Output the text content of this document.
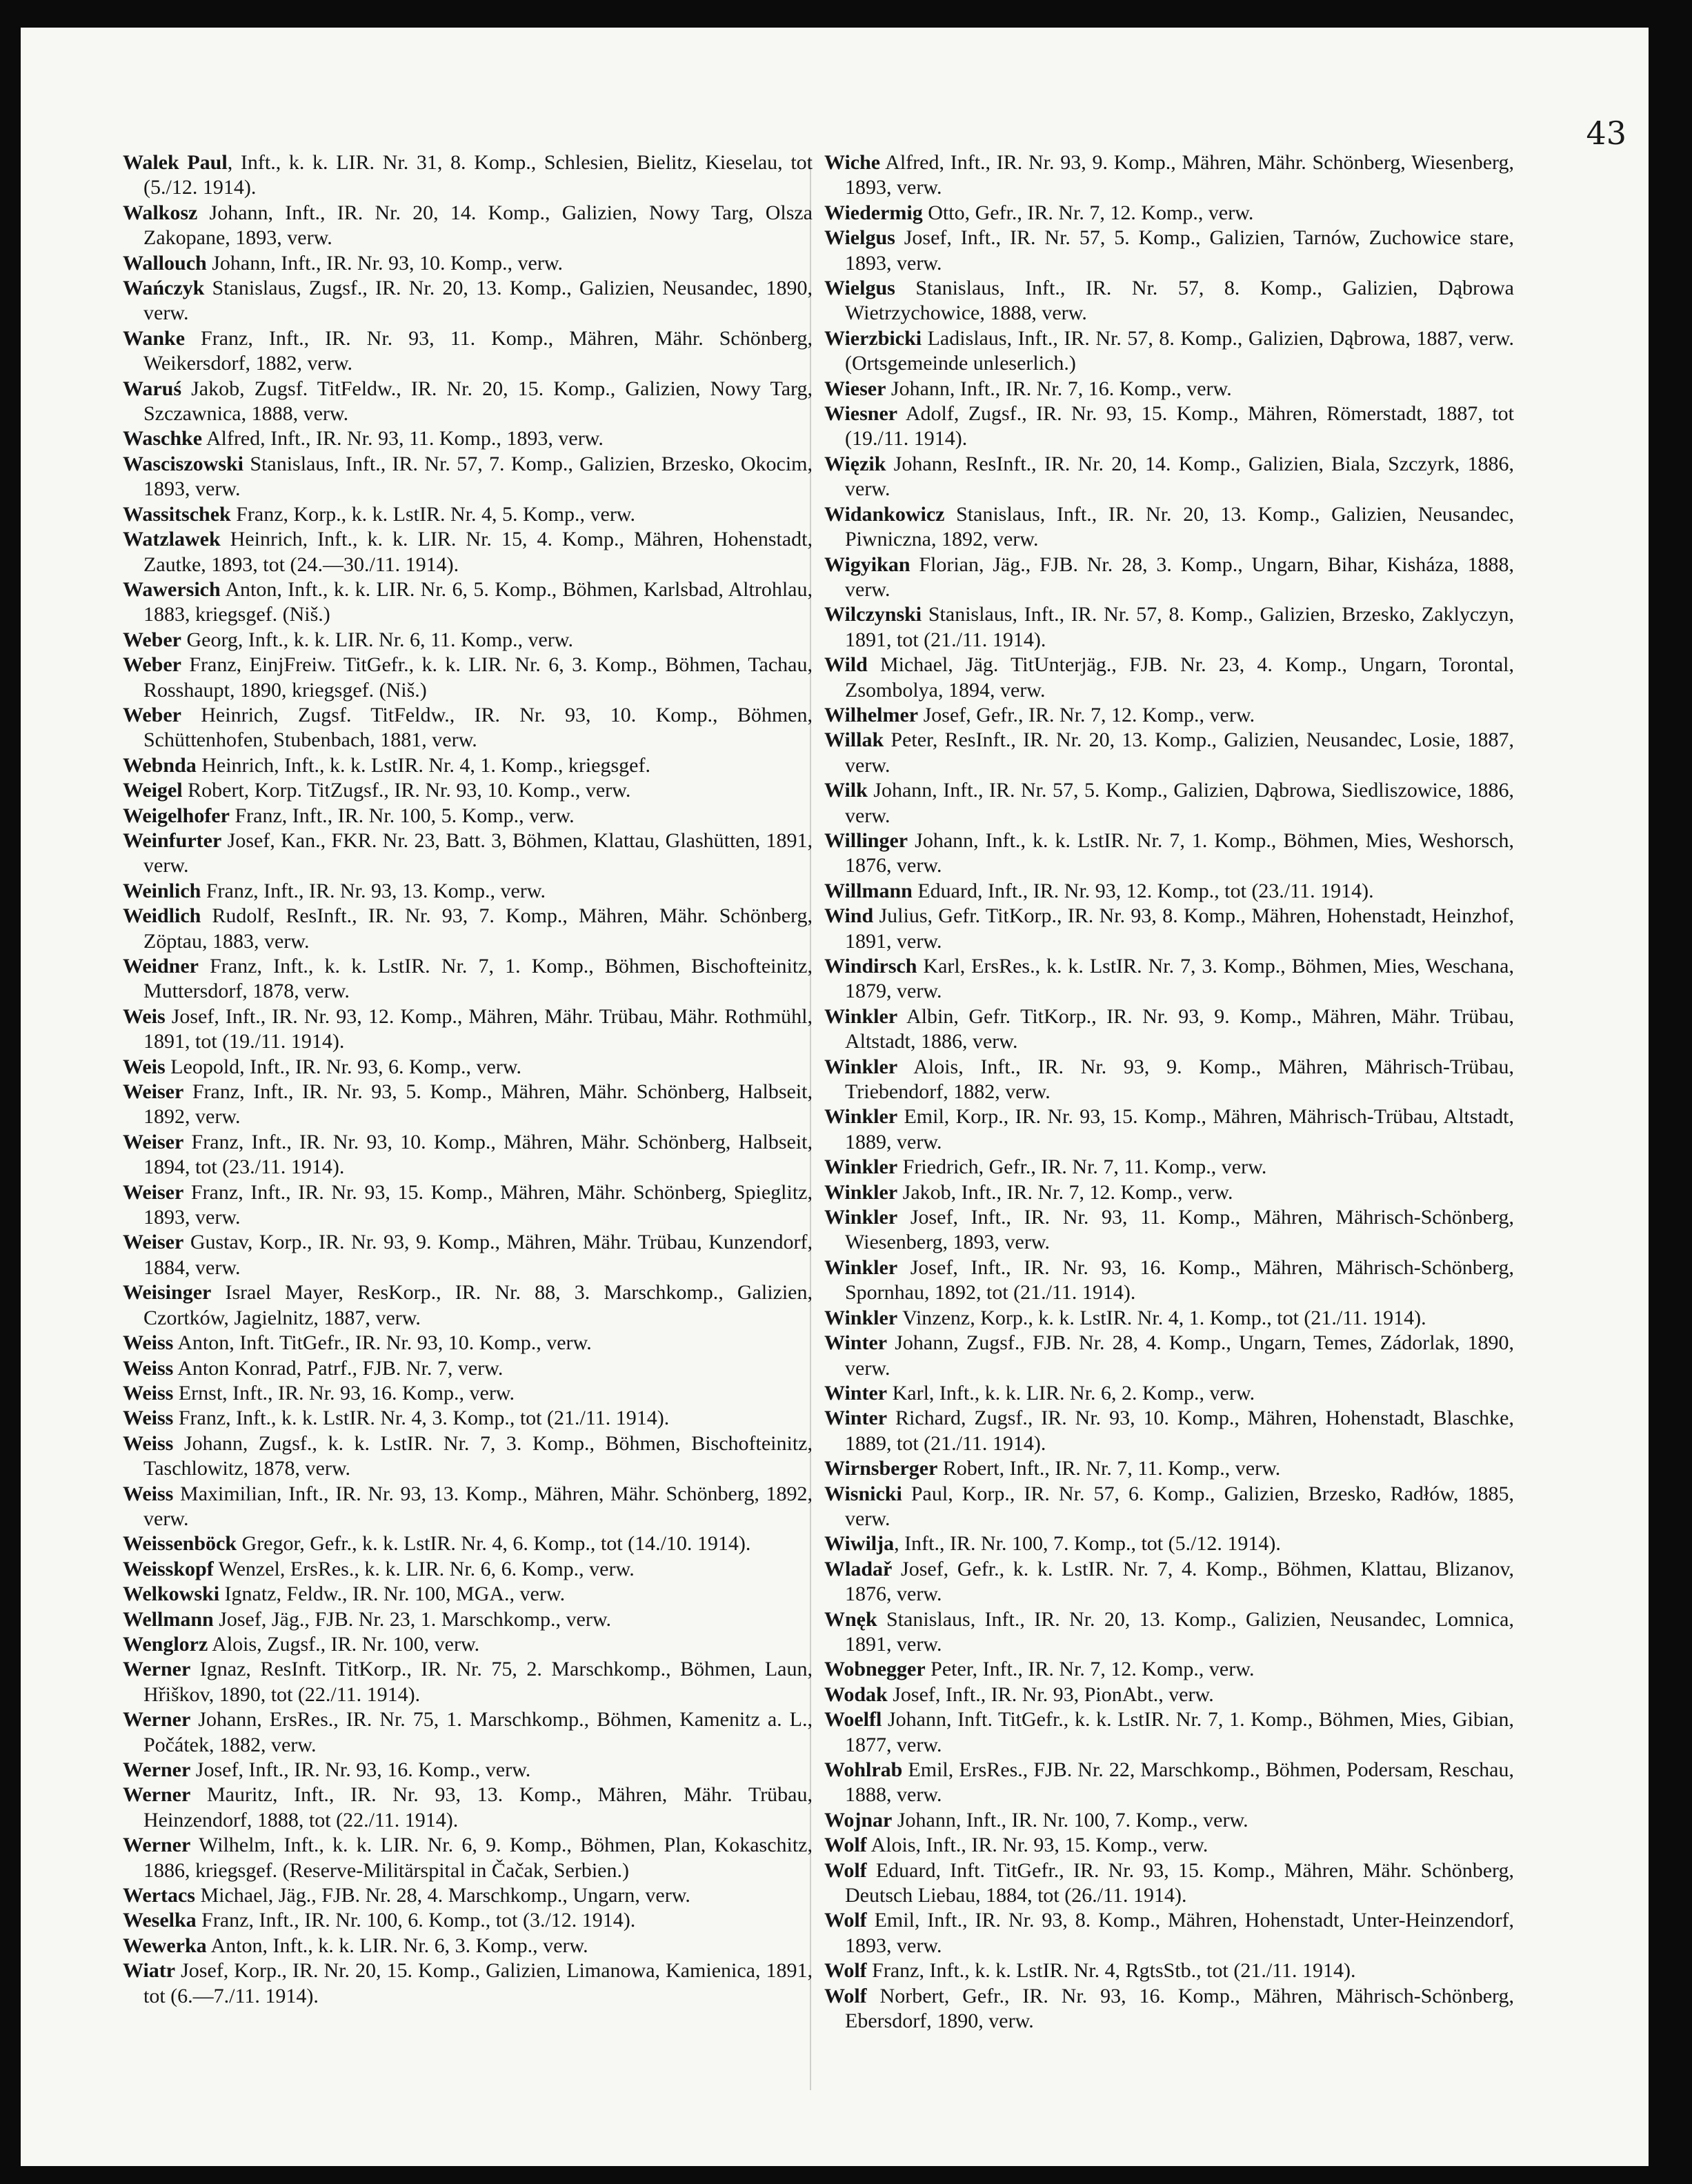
43

Walek Paul, Inft., k. k. LIR. Nr. 31, 8. Komp., Schlesien, Bielitz, Kieselau, tot (5./12. 1914).

Walkosz Johann, Inft., IR. Nr. 20, 14. Komp., Galizien, Nowy Targ, Olsza Zakopane, 1893, verw.

Wallouch Johann, Inft., IR. Nr. 93, 10. Komp., verw.

Wańczyk Stanislaus, Zugsf., IR. Nr. 20, 13. Komp., Galizien, Neusandec, 1890, verw.

Wanke Franz, Inft., IR. Nr. 93, 11. Komp., Mähren, Mähr. Schönberg, Weikersdorf, 1882, verw.

Waruś Jakob, Zugsf. TitFeldw., IR. Nr. 20, 15. Komp., Galizien, Nowy Targ, Szczawnica, 1888, verw.

Waschke Alfred, Inft., IR. Nr. 93, 11. Komp., 1893, verw.

Wasciszowski Stanislaus, Inft., IR. Nr. 57, 7. Komp., Galizien, Brzesko, Okocim, 1893, verw.

Wassitschek Franz, Korp., k. k. LstIR. Nr. 4, 5. Komp., verw.

Watzlawek Heinrich, Inft., k. k. LIR. Nr. 15, 4. Komp., Mähren, Hohenstadt, Zautke, 1893, tot (24.—30./11. 1914).

Wawersich Anton, Inft., k. k. LIR. Nr. 6, 5. Komp., Böhmen, Karlsbad, Altrohlau, 1883, kriegsgef. (Niš.)

Weber Georg, Inft., k. k. LIR. Nr. 6, 11. Komp., verw.

Weber Franz, EinjFreiw. TitGefr., k. k. LIR. Nr. 6, 3. Komp., Böhmen, Tachau, Rosshaupt, 1890, kriegsgef. (Niš.)

Weber Heinrich, Zugsf. TitFeldw., IR. Nr. 93, 10. Komp., Böhmen, Schüttenhofen, Stubenbach, 1881, verw.

Webnda Heinrich, Inft., k. k. LstIR. Nr. 4, 1. Komp., kriegsgef.

Weigel Robert, Korp. TitZugsf., IR. Nr. 93, 10. Komp., verw.

Weigelhofer Franz, Inft., IR. Nr. 100, 5. Komp., verw.

Weinfurter Josef, Kan., FKR. Nr. 23, Batt. 3, Böhmen, Klattau, Glashütten, 1891, verw.

Weinlich Franz, Inft., IR. Nr. 93, 13. Komp., verw.

Weidlich Rudolf, ResInft., IR. Nr. 93, 7. Komp., Mähren, Mähr. Schönberg, Zöptau, 1883, verw.

Weidner Franz, Inft., k. k. LstIR. Nr. 7, 1. Komp., Böhmen, Bischofteinitz, Muttersdorf, 1878, verw.

Weis Josef, Inft., IR. Nr. 93, 12. Komp., Mähren, Mähr. Trübau, Mähr. Rothmühl, 1891, tot (19./11. 1914).

Weis Leopold, Inft., IR. Nr. 93, 6. Komp., verw.

Weiser Franz, Inft., IR. Nr. 93, 5. Komp., Mähren, Mähr. Schönberg, Halbseit, 1892, verw.

Weiser Franz, Inft., IR. Nr. 93, 10. Komp., Mähren, Mähr. Schönberg, Halbseit, 1894, tot (23./11. 1914).

Weiser Franz, Inft., IR. Nr. 93, 15. Komp., Mähren, Mähr. Schönberg, Spieglitz, 1893, verw.

Weiser Gustav, Korp., IR. Nr. 93, 9. Komp., Mähren, Mähr. Trübau, Kunzendorf, 1884, verw.

Weisinger Israel Mayer, ResKorp., IR. Nr. 88, 3. Marschkomp., Galizien, Czortków, Jagielnitz, 1887, verw.

Weiss Anton, Inft. TitGefr., IR. Nr. 93, 10. Komp., verw.

Weiss Anton Konrad, Patrf., FJB. Nr. 7, verw.

Weiss Ernst, Inft., IR. Nr. 93, 16. Komp., verw.

Weiss Franz, Inft., k. k. LstIR. Nr. 4, 3. Komp., tot (21./11. 1914).

Weiss Johann, Zugsf., k. k. LstIR. Nr. 7, 3. Komp., Böhmen, Bischofteinitz, Taschlowitz, 1878, verw.

Weiss Maximilian, Inft., IR. Nr. 93, 13. Komp., Mähren, Mähr. Schönberg, 1892, verw.

Weissenböck Gregor, Gefr., k. k. LstIR. Nr. 4, 6. Komp., tot (14./10. 1914).

Weisskopf Wenzel, ErsRes., k. k. LIR. Nr. 6, 6. Komp., verw.

Welkowski Ignatz, Feldw., IR. Nr. 100, MGA., verw.

Wellmann Josef, Jäg., FJB. Nr. 23, 1. Marschkomp., verw.

Wenglorz Alois, Zugsf., IR. Nr. 100, verw.

Werner Ignaz, ResInft. TitKorp., IR. Nr. 75, 2. Marschkomp., Böhmen, Laun, Hřiškov, 1890, tot (22./11. 1914).

Werner Johann, ErsRes., IR. Nr. 75, 1. Marschkomp., Böhmen, Kamenitz a. L., Počátek, 1882, verw.

Werner Josef, Inft., IR. Nr. 93, 16. Komp., verw.

Werner Mauritz, Inft., IR. Nr. 93, 13. Komp., Mähren, Mähr. Trübau, Heinzendorf, 1888, tot (22./11. 1914).

Werner Wilhelm, Inft., k. k. LIR. Nr. 6, 9. Komp., Böhmen, Plan, Kokaschitz, 1886, kriegsgef. (Reserve-Militärspital in Čačak, Serbien.)

Wertacs Michael, Jäg., FJB. Nr. 28, 4. Marschkomp., Ungarn, verw.

Weselka Franz, Inft., IR. Nr. 100, 6. Komp., tot (3./12. 1914).

Wewerka Anton, Inft., k. k. LIR. Nr. 6, 3. Komp., verw.

Wiatr Josef, Korp., IR. Nr. 20, 15. Komp., Galizien, Limanowa, Kamienica, 1891, tot (6.—7./11. 1914).

Wiche Alfred, Inft., IR. Nr. 93, 9. Komp., Mähren, Mähr. Schönberg, Wiesenberg, 1893, verw.

Wiedermig Otto, Gefr., IR. Nr. 7, 12. Komp., verw.

Wielgus Josef, Inft., IR. Nr. 57, 5. Komp., Galizien, Tarnów, Zuchowice stare, 1893, verw.

Wielgus Stanislaus, Inft., IR. Nr. 57, 8. Komp., Galizien, Dąbrowa Wietrzychowice, 1888, verw.

Wierzbicki Ladislaus, Inft., IR. Nr. 57, 8. Komp., Galizien, Dąbrowa, 1887, verw. (Ortsgemeinde unleserlich.)

Wieser Johann, Inft., IR. Nr. 7, 16. Komp., verw.

Wiesner Adolf, Zugsf., IR. Nr. 93, 15. Komp., Mähren, Römerstadt, 1887, tot (19./11. 1914).

Więzik Johann, ResInft., IR. Nr. 20, 14. Komp., Galizien, Biala, Szczyrk, 1886, verw.

Widankowicz Stanislaus, Inft., IR. Nr. 20, 13. Komp., Galizien, Neusandec, Piwniczna, 1892, verw.

Wigyikan Florian, Jäg., FJB. Nr. 28, 3. Komp., Ungarn, Bihar, Kisháza, 1888, verw.

Wilczynski Stanislaus, Inft., IR. Nr. 57, 8. Komp., Galizien, Brzesko, Zaklyczyn, 1891, tot (21./11. 1914).

Wild Michael, Jäg. TitUnterjäg., FJB. Nr. 23, 4. Komp., Ungarn, Torontal, Zsombolya, 1894, verw.

Wilhelmer Josef, Gefr., IR. Nr. 7, 12. Komp., verw.

Willak Peter, ResInft., IR. Nr. 20, 13. Komp., Galizien, Neusandec, Losie, 1887, verw.

Wilk Johann, Inft., IR. Nr. 57, 5. Komp., Galizien, Dąbrowa, Siedliszowice, 1886, verw.

Willinger Johann, Inft., k. k. LstIR. Nr. 7, 1. Komp., Böhmen, Mies, Weshorsch, 1876, verw.

Willmann Eduard, Inft., IR. Nr. 93, 12. Komp., tot (23./11. 1914).

Wind Julius, Gefr. TitKorp., IR. Nr. 93, 8. Komp., Mähren, Hohenstadt, Heinzhof, 1891, verw.

Windirsch Karl, ErsRes., k. k. LstIR. Nr. 7, 3. Komp., Böhmen, Mies, Weschana, 1879, verw.

Winkler Albin, Gefr. TitKorp., IR. Nr. 93, 9. Komp., Mähren, Mähr. Trübau, Altstadt, 1886, verw.

Winkler Alois, Inft., IR. Nr. 93, 9. Komp., Mähren, Mährisch-Trübau, Triebendorf, 1882, verw.

Winkler Emil, Korp., IR. Nr. 93, 15. Komp., Mähren, Mährisch-Trübau, Altstadt, 1889, verw.

Winkler Friedrich, Gefr., IR. Nr. 7, 11. Komp., verw.

Winkler Jakob, Inft., IR. Nr. 7, 12. Komp., verw.

Winkler Josef, Inft., IR. Nr. 93, 11. Komp., Mähren, Mährisch-Schönberg, Wiesenberg, 1893, verw.

Winkler Josef, Inft., IR. Nr. 93, 16. Komp., Mähren, Mährisch-Schönberg, Spornhau, 1892, tot (21./11. 1914).

Winkler Vinzenz, Korp., k. k. LstIR. Nr. 4, 1. Komp., tot (21./11. 1914).

Winter Johann, Zugsf., FJB. Nr. 28, 4. Komp., Ungarn, Temes, Zádorlak, 1890, verw.

Winter Karl, Inft., k. k. LIR. Nr. 6, 2. Komp., verw.

Winter Richard, Zugsf., IR. Nr. 93, 10. Komp., Mähren, Hohenstadt, Blaschke, 1889, tot (21./11. 1914).

Wirnsberger Robert, Inft., IR. Nr. 7, 11. Komp., verw.

Wisnicki Paul, Korp., IR. Nr. 57, 6. Komp., Galizien, Brzesko, Radłów, 1885, verw.

Wiwilja, Inft., IR. Nr. 100, 7. Komp., tot (5./12. 1914).

Wladař Josef, Gefr., k. k. LstIR. Nr. 7, 4. Komp., Böhmen, Klattau, Blizanov, 1876, verw.

Wnęk Stanislaus, Inft., IR. Nr. 20, 13. Komp., Galizien, Neusandec, Lomnica, 1891, verw.

Wobnegger Peter, Inft., IR. Nr. 7, 12. Komp., verw.

Wodak Josef, Inft., IR. Nr. 93, PionAbt., verw.

Woelfl Johann, Inft. TitGefr., k. k. LstIR. Nr. 7, 1. Komp., Böhmen, Mies, Gibian, 1877, verw.

Wohlrab Emil, ErsRes., FJB. Nr. 22, Marschkomp., Böhmen, Podersam, Reschau, 1888, verw.

Wojnar Johann, Inft., IR. Nr. 100, 7. Komp., verw.

Wolf Alois, Inft., IR. Nr. 93, 15. Komp., verw.

Wolf Eduard, Inft. TitGefr., IR. Nr. 93, 15. Komp., Mähren, Mähr. Schönberg, Deutsch Liebau, 1884, tot (26./11. 1914).

Wolf Emil, Inft., IR. Nr. 93, 8. Komp., Mähren, Hohenstadt, Unter-Heinzendorf, 1893, verw.

Wolf Franz, Inft., k. k. LstIR. Nr. 4, RgtsStb., tot (21./11. 1914).

Wolf Norbert, Gefr., IR. Nr. 93, 16. Komp., Mähren, Mährisch-Schönberg, Ebersdorf, 1890, verw.
